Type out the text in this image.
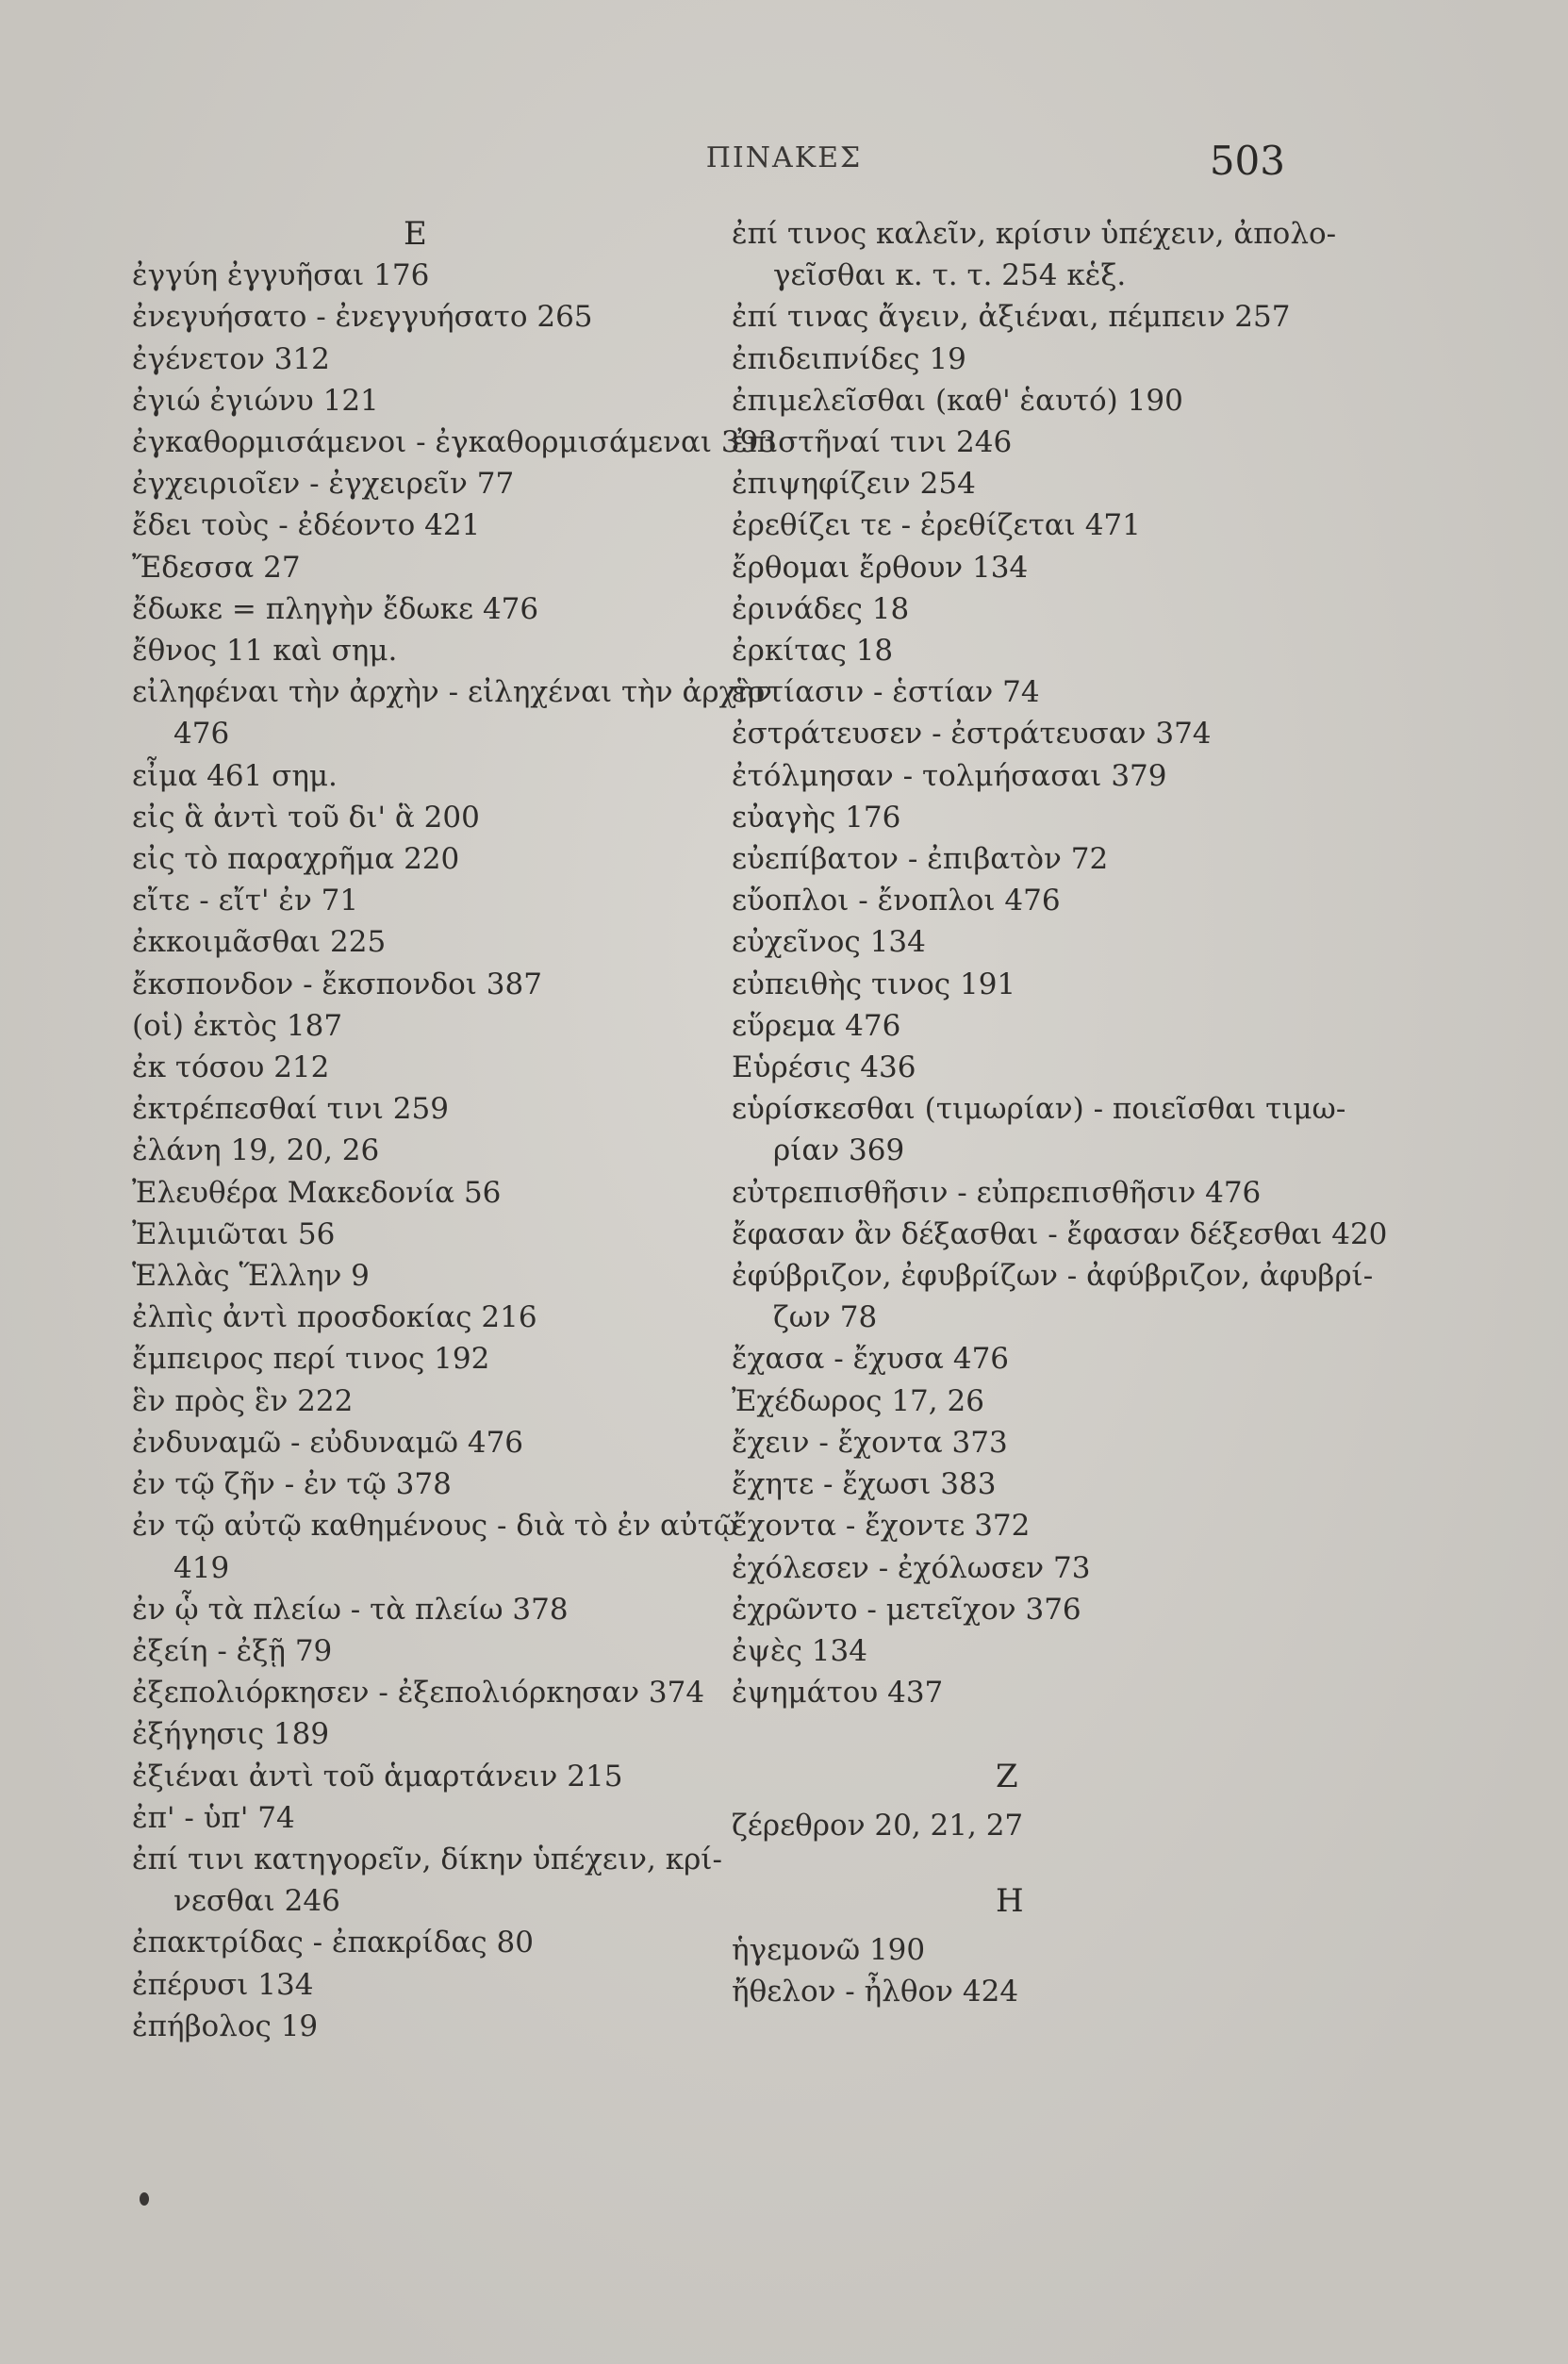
ΠΙΝΑΚΕΣ	503
E
ἐγγύη ἐγγυῆσαι 176
ἐνεγυήσατο - ἐνεγγυήσατο 265
ἐγένετον 312
ἐγιώ ἐγιώνυ 121
ἐγκαθορμισάμενοι - ἐγκαθορμισάμεναι 393
ἐγχειριοῖεν - ἐγχειρεῖν 77
ἔδει τοὺς - ἐδέοντο 421
Ἔδεσσα 27
ἔδωκε = πληγὴν ἔδωκε 476
ἔθνος 11 καὶ σημ.
εἰληφέναι τὴν ἀρχὴν - εἰληχέναι τὴν ἀρχὴν
476
εἶμα 461 σημ.
εἰς ἃ ἀντὶ τοῦ δι' ἃ 200
εἰς τὸ παραχρῆμα 220
εἴτε - εἴτ' ἐν 71
ἐκκοιμᾶσθαι 225
ἔκσπονδον - ἔκσπονδοι 387
(οἱ) ἐκτὸς 187
ἐκ τόσου 212
ἐκτρέπεσθαί τινι 259
ἐλάνη 19, 20, 26
Ἐλευθέρα Μακεδονία 56
Ἐλιμιῶται 56
Ἑλλὰς Ἕλλην 9
ἐλπὶς ἀντὶ προσδοκίας 216
ἔμπειρος περί τινος 192
ἓν πρὸς ἓν 222
ἐνδυναμῶ - εὐδυναμῶ 476
ἐν τῷ ζῆν - ἐν τῷ 378
ἐν τῷ αὐτῷ καθημένους - διὰ τὸ ἐν αὐτῷ
419
ἐν ᾧ τὰ πλείω - τὰ πλείω 378
ἐξείη - ἐξῇ 79
ἐξεπολιόρκησεν - ἐξεπολιόρκησαν 374
ἐξήγησις 189
ἐξιέναι ἀντὶ τοῦ ἁμαρτάνειν 215
ἐπ' - ὑπ' 74
ἐπί τινι κατηγορεῖν, δίκην ὑπέχειν, κρί-
νεσθαι 246
ἐπακτρίδας - ἐπακρίδας 80
ἐπέρυσι 134
ἐπήβολος 19
ἐπί τινος καλεῖν, κρίσιν ὑπέχειν, ἀπολο-
γεῖσθαι κ. τ. τ. 254 κἑξ.
ἐπί τινας ἄγειν, ἀξιέναι, πέμπειν 257
ἐπιδειπνίδες 19
ἐπιμελεῖσθαι (καθ' ἑαυτό) 190
ἐπιστῆναί τινι 246
ἐπιψηφίζειν 254
ἐρεθίζει τε - ἐρεθίζεται 471
ἔρθομαι ἔρθουν 134
ἐρινάδες 18
ἐρκίτας 18
ἑστίασιν - ἑστίαν 74
ἐστράτευσεν - ἐστράτευσαν 374
ἐτόλμησαν - τολμήσασαι 379
εὐαγὴς 176
εὐεπίβατον - ἐπιβατὸν 72
εὔοπλοι - ἔνοπλοι 476
εὐχεῖνος 134
εὐπειθὴς τινος 191
εὕρεμα 476
Εὑρέσις 436
εὑρίσκεσθαι (τιμωρίαν) - ποιεῖσθαι τιμω-
ρίαν 369
εὐτρεπισθῆσιν - εὐπρεπισθῆσιν 476
ἔφασαν ἂν δέξασθαι - ἔφασαν δέξεσθαι 420
ἐφύβριζον, ἐφυβρίζων - ἀφύβριζον, ἀφυβρί-
ζων 78
ἔχασα - ἔχυσα 476
Ἐχέδωρος 17, 26
ἔχειν - ἔχοντα 373
ἔχητε - ἔχωσι 383
ἔχοντα - ἔχοντε 372
ἐχόλεσεν - ἐχόλωσεν 73
ἐχρῶντο - μετεῖχον 376
ἐψὲς 134
ἐψημάτου 437
Z
ζέρεθρον 20, 21, 27
H
ἡγεμονῶ 190
ἤθελον - ἦλθον 424
